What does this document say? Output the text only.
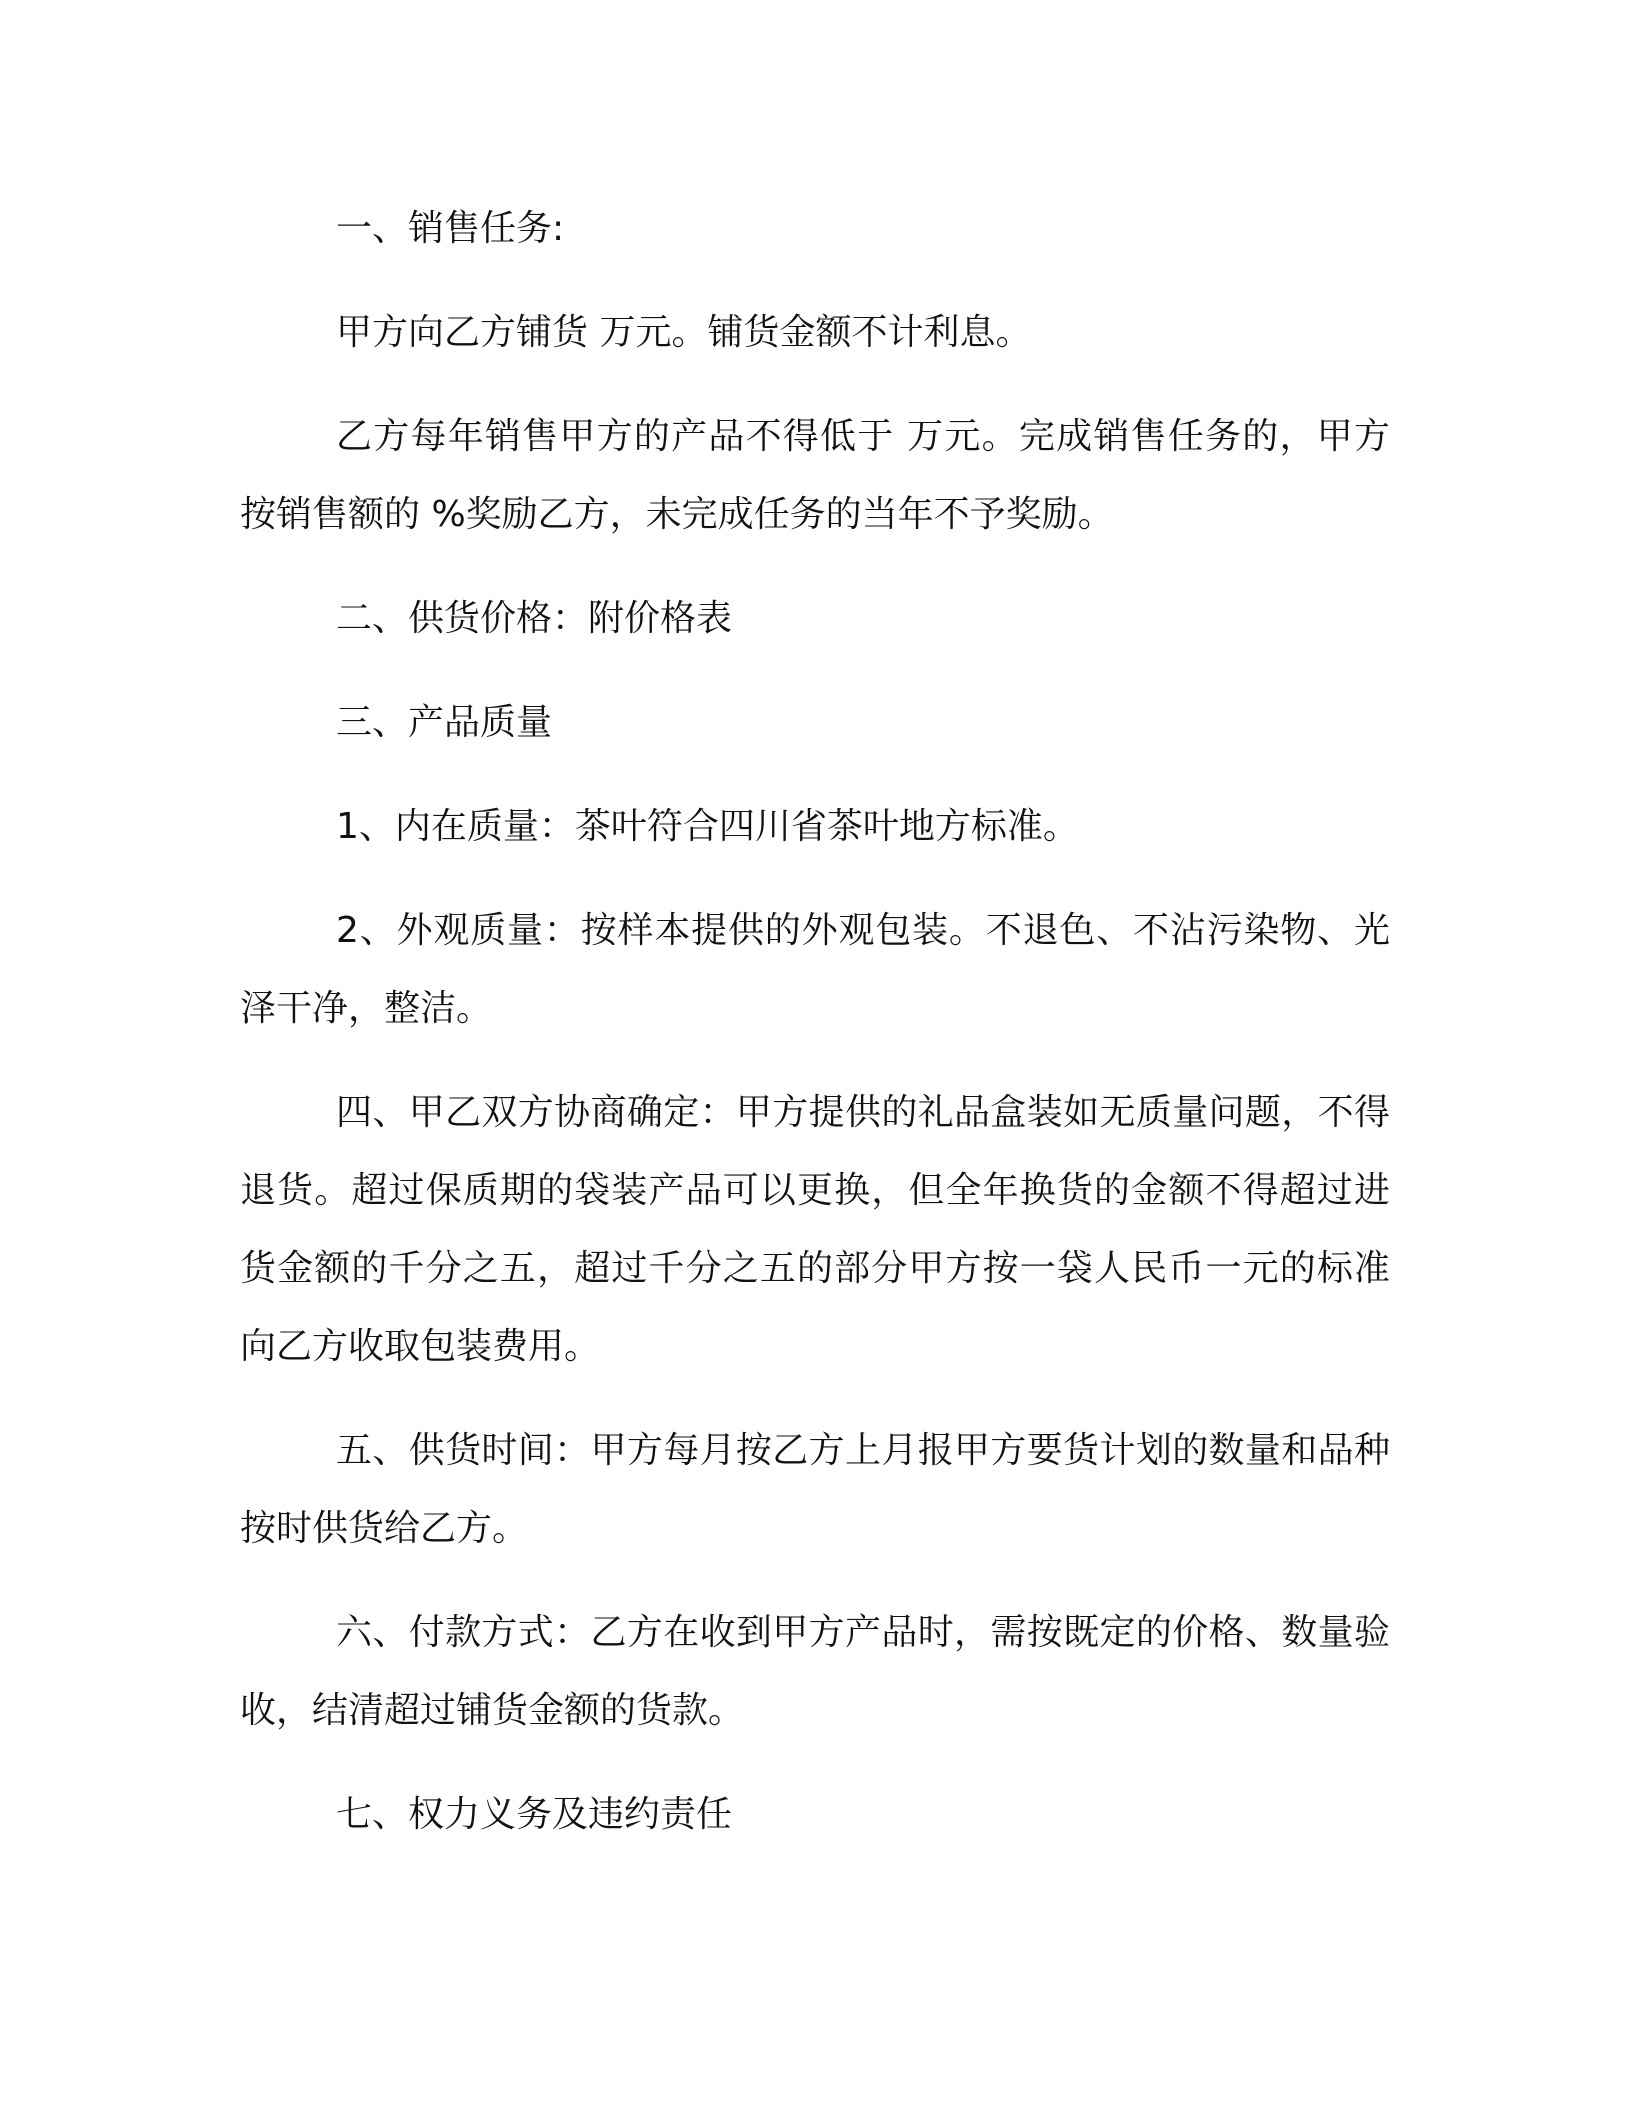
一、销售任务:

甲方向乙方铺货 万元。铺货金额不计利息。

乙方每年销售甲方的产品不得低于 万元。完成销售任务的，甲方按销售额的 %奖励乙方，未完成任务的当年不予奖励。

二、供货价格：附价格表

三、产品质量

1、内在质量：茶叶符合四川省茶叶地方标准。

2、外观质量：按样本提供的外观包装。不退色、不沾污染物、光泽干净，整洁。

四、甲乙双方协商确定：甲方提供的礼品盒装如无质量问题，不得退货。超过保质期的袋装产品可以更换，但全年换货的金额不得超过进货金额的千分之五，超过千分之五的部分甲方按一袋人民币一元的标准向乙方收取包装费用。

五、供货时间：甲方每月按乙方上月报甲方要货计划的数量和品种按时供货给乙方。

六、付款方式：乙方在收到甲方产品时，需按既定的价格、数量验收，结清超过铺货金额的货款。

七、权力义务及违约责任
